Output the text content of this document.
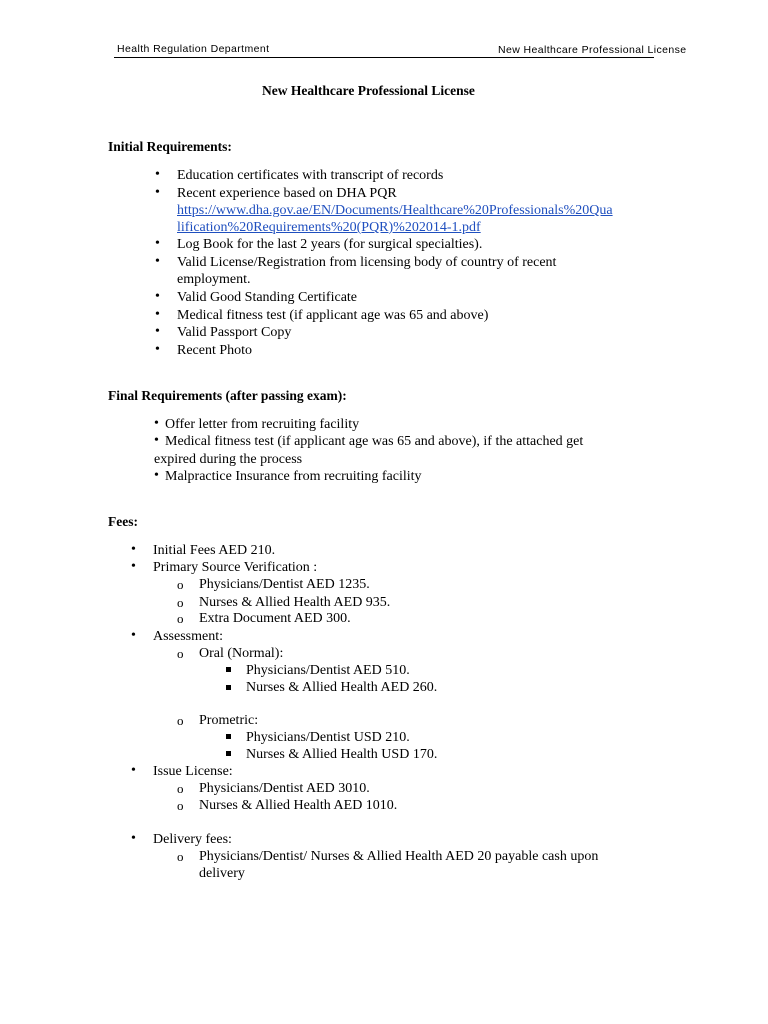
Health Regulation Department	New Healthcare Professional License
New Healthcare Professional License
Initial Requirements:
• Education certificates with transcript of records
• Recent experience based on DHA PQR
https://www.dha.gov.ae/EN/Documents/Healthcare%20Professionals%20Qua
lification%20Requirements%20(PQR)%202014-1.pdf
• Log Book for the last 2 years (for surgical specialties).
• Valid License/Registration from licensing body of country of recent
employment.
• Valid Good Standing Certificate
• Medical fitness test (if applicant age was 65 and above)
• Valid Passport Copy
• Recent Photo
Final Requirements (after passing exam):
• Offer letter from recruiting facility
• Medical fitness test (if applicant age was 65 and above), if the attached get
expired during the process
• Malpractice Insurance from recruiting facility
Fees:
• Initial Fees AED 210.
• Primary Source Verification :
o Physicians/Dentist AED 1235.
o Nurses & Allied Health AED 935.
o Extra Document AED 300.
• Assessment:
o Oral (Normal):
Physicians/Dentist AED 510.
Nurses & Allied Health AED 260.
o Prometric:
Physicians/Dentist USD 210.
Nurses & Allied Health USD 170.
• Issue License:
o Physicians/Dentist AED 3010.
o Nurses & Allied Health AED 1010.
• Delivery fees:
o Physicians/Dentist/ Nurses & Allied Health AED 20 payable cash upon
delivery
